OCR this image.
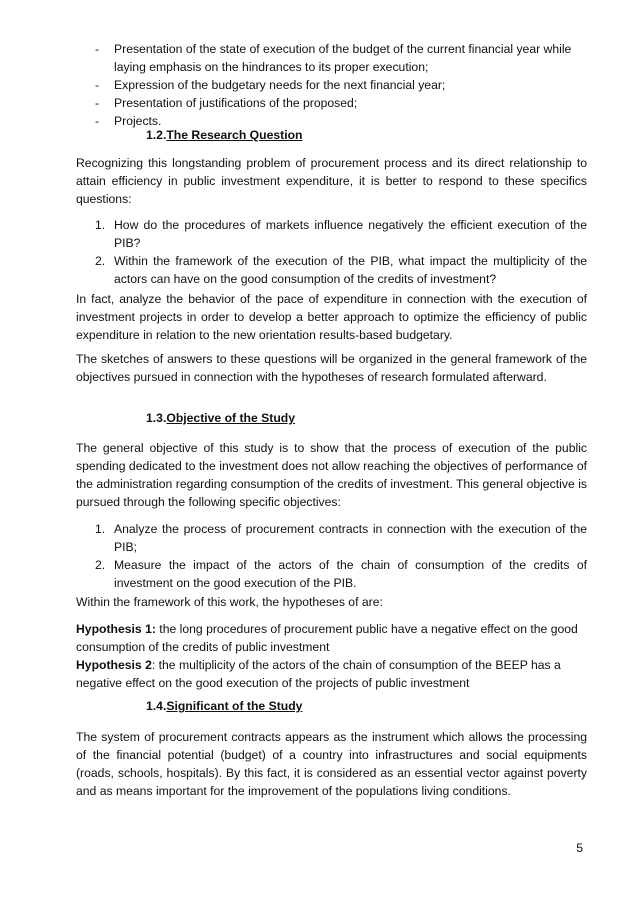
- Presentation of the state of execution of the budget of the current financial year while laying emphasis on the hindrances to its proper execution;
- Expression of the budgetary needs for the next financial year;
- Presentation of justifications of the proposed;
- Projects.
1.2.The Research Question
Recognizing this longstanding problem of procurement process and its direct relationship to attain efficiency in public investment expenditure, it is better to respond to these specifics questions:
1. How do the procedures of markets influence negatively the efficient execution of the PIB?
2. Within the framework of the execution of the PIB, what impact the multiplicity of the actors can have on the good consumption of the credits of investment?
In fact, analyze the behavior of the pace of expenditure in connection with the execution of investment projects in order to develop a better approach to optimize the efficiency of public expenditure in relation to the new orientation results-based budgetary.
The sketches of answers to these questions will be organized in the general framework of the objectives pursued in connection with the hypotheses of research formulated afterward.
1.3.Objective of the Study
The general objective of this study is to show that the process of execution of the public spending dedicated to the investment does not allow reaching the objectives of performance of the administration regarding consumption of the credits of investment. This general objective is pursued through the following specific objectives:
1. Analyze the process of procurement contracts in connection with the execution of the PIB;
2. Measure the impact of the actors of the chain of consumption of the credits of investment on the good execution of the PIB.
Within the framework of this work, the hypotheses of are:
Hypothesis 1: the long procedures of procurement public have a negative effect on the good consumption of the credits of public investment
Hypothesis 2: the multiplicity of the actors of the chain of consumption of the BEEP has a negative effect on the good execution of the projects of public investment
1.4.Significant of the Study
The system of procurement contracts appears as the instrument which allows the processing of the financial potential (budget) of a country into infrastructures and social equipments (roads, schools, hospitals). By this fact, it is considered as an essential vector against poverty and as means important for the improvement of the populations living conditions.
5
